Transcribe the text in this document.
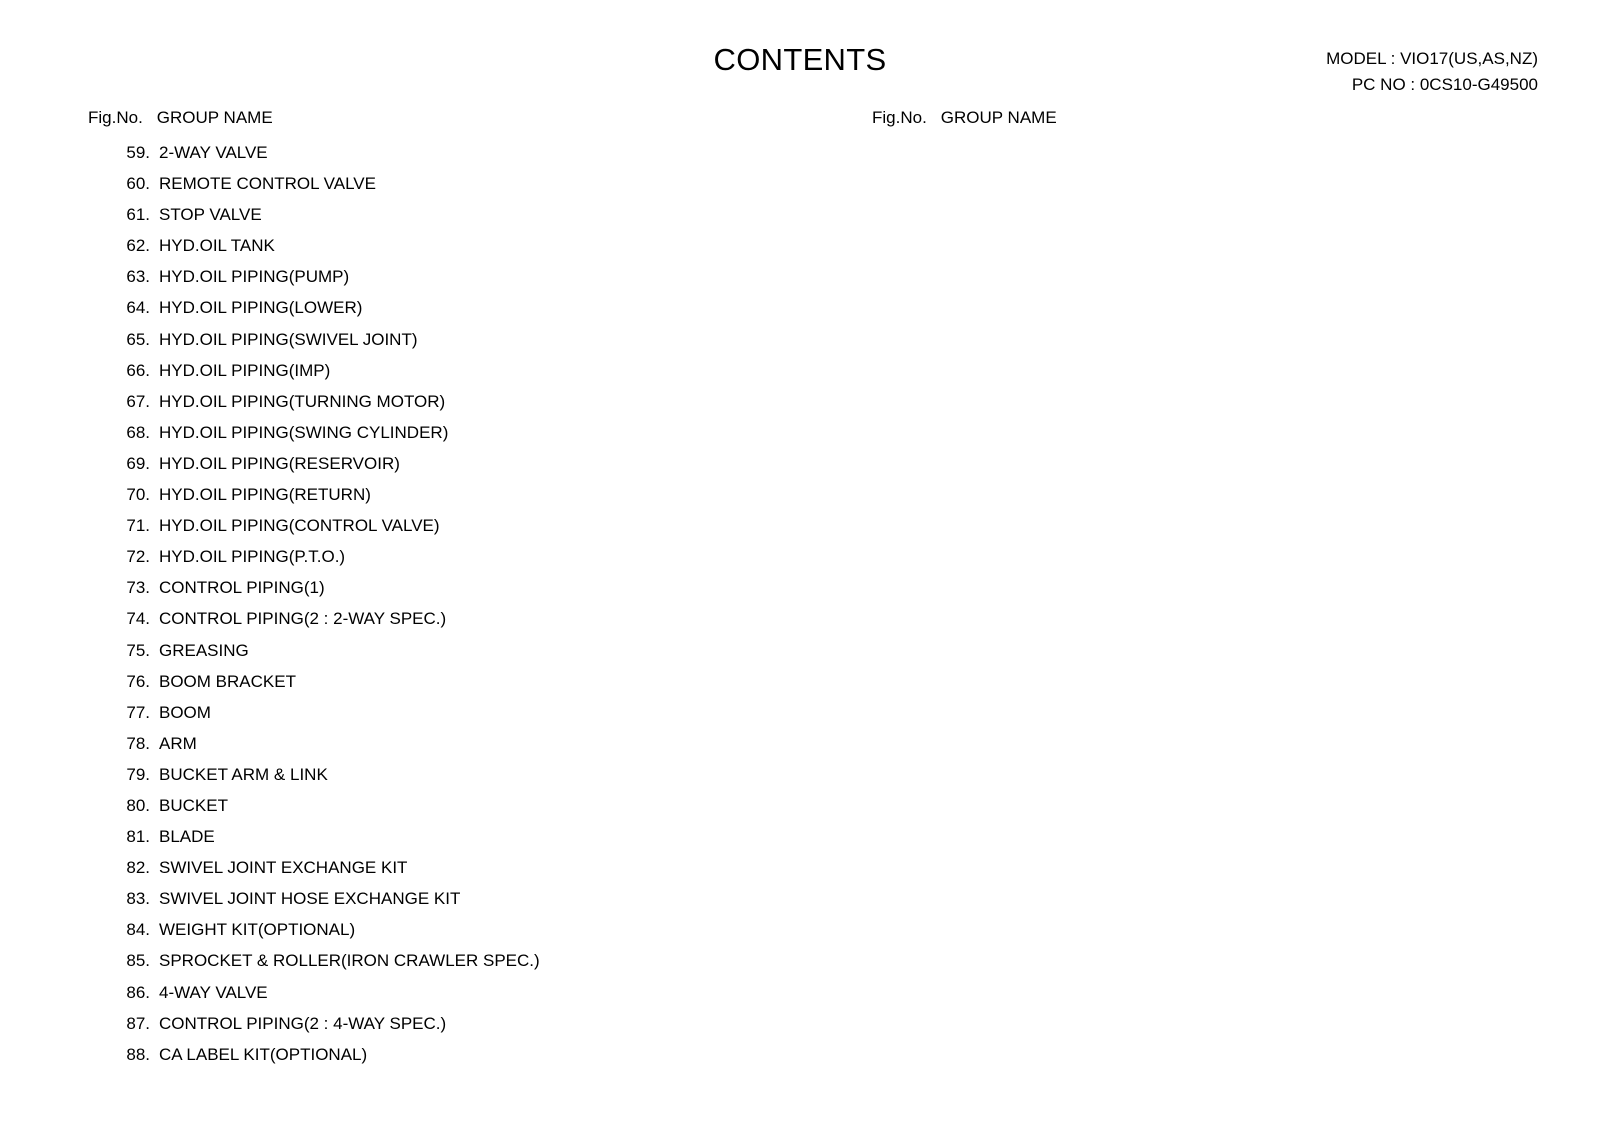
CONTENTS	MODEL : VIO17(US,AS,NZ)
PC NO : 0CS10-G49500
Fig.No. GROUP NAME	Fig.No. GROUP NAME
59. 2-WAY VALVE
60. REMOTE CONTROL VALVE
61. STOP VALVE
62. HYD.OIL TANK
63. HYD.OIL PIPING(PUMP)
64. HYD.OIL PIPING(LOWER)
65. HYD.OIL PIPING(SWIVEL JOINT)
66. HYD.OIL PIPING(IMP)
67. HYD.OIL PIPING(TURNING MOTOR)
68. HYD.OIL PIPING(SWING CYLINDER)
69. HYD.OIL PIPING(RESERVOIR)
70. HYD.OIL PIPING(RETURN)
71. HYD.OIL PIPING(CONTROL VALVE)
72. HYD.OIL PIPING(P.T.O.)
73. CONTROL PIPING(1)
74. CONTROL PIPING(2 : 2-WAY SPEC.)
75. GREASING
76. BOOM BRACKET
77. BOOM
78. ARM
79. BUCKET ARM & LINK
80. BUCKET
81. BLADE
82. SWIVEL JOINT EXCHANGE KIT
83. SWIVEL JOINT HOSE EXCHANGE KIT
84. WEIGHT KIT(OPTIONAL)
85. SPROCKET & ROLLER(IRON CRAWLER SPEC.)
86. 4-WAY VALVE
87. CONTROL PIPING(2 : 4-WAY SPEC.)
88. CA LABEL KIT(OPTIONAL)
